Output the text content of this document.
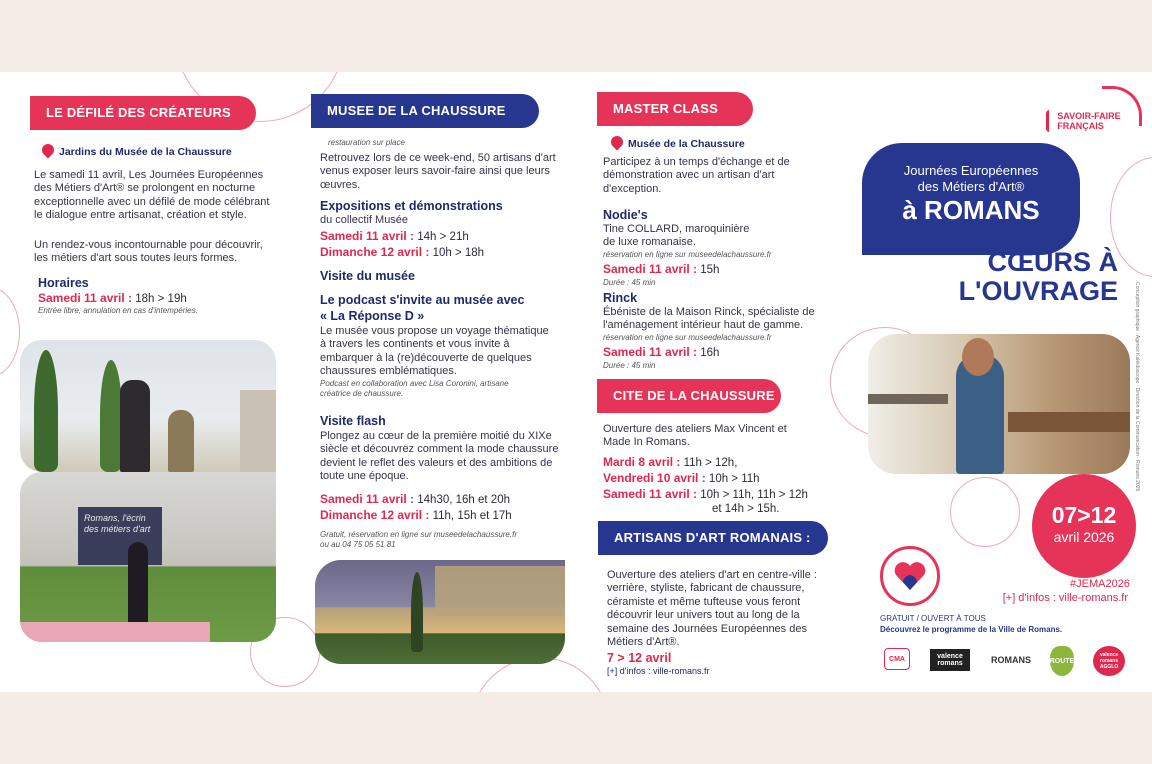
LE DÉFILÉ DES CRÉATEURS
Jardins du Musée de la Chaussure
Le samedi 11 avril, Les Journées Européennes des Métiers d'Art® se prolongent en nocturne exceptionnelle avec un défilé de mode célébrant le dialogue entre artisanat, création et style.
Un rendez-vous incontournable pour découvrir, les métiers d'art sous toutes leurs formes.
Horaires
Samedi 11 avril : 18h > 19h
Entrée libre, annulation en cas d'intempéries.
Romans, l'écrin des métiers d'art
MUSEE DE LA CHAUSSURE
restauration sur place
Retrouvez lors de ce week-end, 50 artisans d'art venus exposer leurs savoir-faire ainsi que leurs œuvres.
Expositions et démonstrations
du collectif Musée
Samedi 11 avril : 14h > 21h
Dimanche 12 avril : 10h > 18h
Visite du musée
Le podcast s'invite au musée avec
« La Réponse D »
Le musée vous propose un voyage thématique à travers les continents et vous invite à embarquer à la (re)découverte de quelques chaussures emblématiques.
Podcast en collaboration avec Lisa Coronini, artisane créatrice de chaussure.
Visite flash
Plongez au cœur de la première moitié du XIXe siècle et découvrez comment la mode chaussure devient le reflet des valeurs et des ambitions de toute une époque.
Samedi 11 avril : 14h30, 16h et 20h
Dimanche 12 avril : 11h, 15h et 17h
Gratuit, réservation en ligne sur museedelachaussure.fr ou au 04 75 05 51 81
MASTER CLASS
Musée de la Chaussure
Participez à un temps d'échange et de démonstration avec un artisan d'art d'exception.
Nodie's
Tine COLLARD, maroquinière de luxe romanaise.
réservation en ligne sur museedelachaussure.fr
Samedi 11 avril : 15h
Durée : 45 min
Rinck
Ébéniste de la Maison Rinck, spécialiste de l'aménagement intérieur haut de gamme.
réservation en ligne sur museedelachaussure.fr
Samedi 11 avril : 16h
Durée : 45 min
CITE DE LA CHAUSSURE
Ouverture des ateliers Max Vincent et Made In Romans.
Mardi 8 avril : 11h > 12h,
Vendredi 10 avril : 10h > 11h
Samedi 11 avril : 10h > 11h, 11h > 12h
et 14h > 15h.
ARTISANS D'ART ROMANAIS :
Ouverture des ateliers d'art en centre-ville : verrière, styliste, fabricant de chaussure, céramiste et même tufteuse vous feront découvrir leur univers tout au long de la semaine des Journées Européennes des Métiers d'Art®.
7 > 12 avril
[+] d'infos : ville-romans.fr
SAVOIR-FAIRE FRANÇAIS
Journées Européennes
des Métiers d'Art®
à ROMANS
CŒURS À
L'OUVRAGE
07>12
avril 2026
#JEMA2026
[+] d'infos : ville-romans.fr
GRATUIT / OUVERT À TOUS
Découvrez le programme de la Ville de Romans.
Conception graphique : Agence Kaléidoscope · Direction de la Communication · Romans 2026
CMA	valence romans	ROMANS	ROUTE
valence romans AGGLO
